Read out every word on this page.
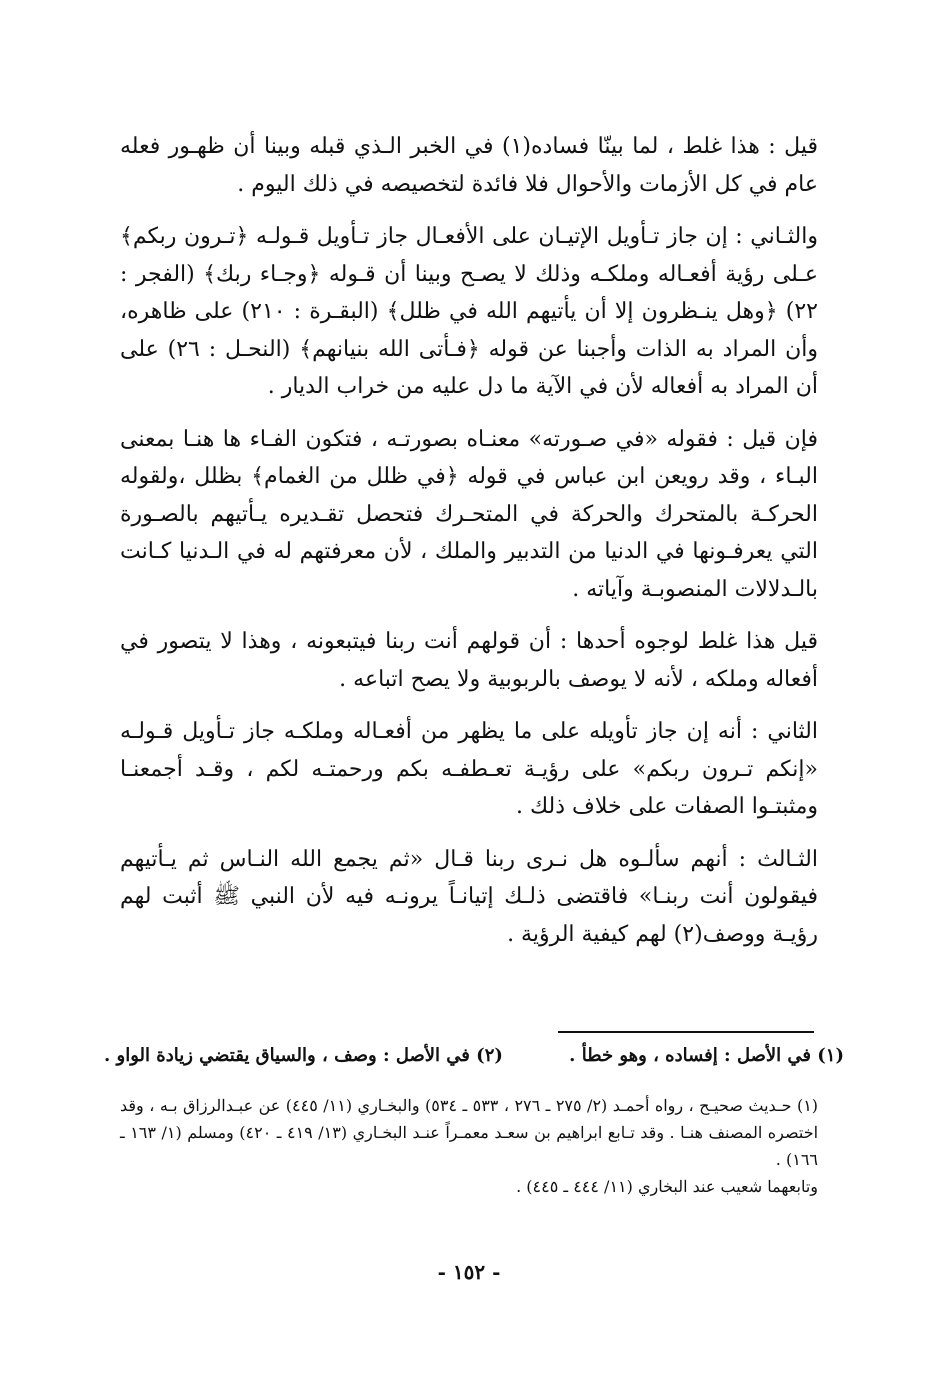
قيل : هذا غلط ، لما بينّا فساده(١) في الخبر الـذي قبله وبينا أن ظهـور فعله عام في كل الأزمات والأحوال فلا فائدة لتخصيصه في ذلك اليوم .

والثـاني : إن جاز تـأويل الإتيـان على الأفعـال جاز تـأويل قـولـه ﴿تـرون ربكم﴾ عـلى رؤية أفعـاله وملكـه وذلك لا يصـح وبينا أن قـوله ﴿وجـاء ربك﴾ (الفجر : ٢٢) ﴿وهل ينـظرون إلا أن يأتيهم الله في ظلل﴾ (البقـرة : ٢١٠) على ظاهره، وأن المراد به الذات وأجبنا عن قوله ﴿فـأتى الله بنيانهم﴾ (النحـل : ٢٦) على أن المراد به أفعاله لأن في الآية ما دل عليه من خراب الديار .

فإن قيل : فقوله «في صـورته» معنـاه بصورتـه ، فتكون الفـاء ها هنـا بمعنى البـاء ، وقد رويعن ابن عباس في قوله ﴿في ظلل من الغمام﴾ بظلل ،ولقوله الحركـة بالمتحرك والحركة في المتحـرك فتحصل تقـديره يـأتيهم بالصـورة التي يعرفـونها في الدنيا من التدبير والملك ، لأن معرفتهم له في الـدنيا كـانت بالـدلالات المنصوبـة وآياته .

قيل هذا غلط لوجوه أحدها : أن قولهم أنت ربنا فيتبعونه ، وهذا لا يتصور في أفعاله وملكه ، لأنه لا يوصف بالربوبية ولا يصح اتباعه .

الثاني : أنه إن جاز تأويله على ما يظهر من أفعـاله وملكـه جاز تـأويل قـولـه «إنكم تـرون ربكم» على رؤيـة تعـطفـه بكم ورحمتـه لكم ، وقـد أجمعنـا ومثبتـوا الصفات على خلاف ذلك .

الثـالث : أنهم سألـوه هل نـرى ربنا قـال «ثم يجمع الله النـاس ثم يـأتيهم فيقولون أنت ربنـا» فاقتضى ذلـك إتيانـاً يرونـه فيه لأن النبي ﷺ أثبت لهم رؤيـة ووصف(٢) لهم كيفية الرؤية .

(١) في الأصل : إفساده ، وهو خطأ .
(٢) في الأصل : وصف ، والسياق يقتضي زيادة الواو .

(١) حـديث صحيـح ، رواه أحمـد (٢/ ٢٧٥ ـ ٢٧٦ ، ٥٣٣ ـ ٥٣٤) والبخـاري (١١/ ٤٤٥) عن عبـدالرزاق بـه ، وقد اختصره المصنف هنـا . وقد تـابع ابراهيم بن سعـد معمـراً عنـد البخـاري (١٣/ ٤١٩ ـ ٤٢٠) ومسلم (١/ ١٦٣ ـ ١٦٦) .

وتابعهما شعيب عند البخاري (١١/ ٤٤٤ ـ ٤٤٥) .

- ١٥٢ -
